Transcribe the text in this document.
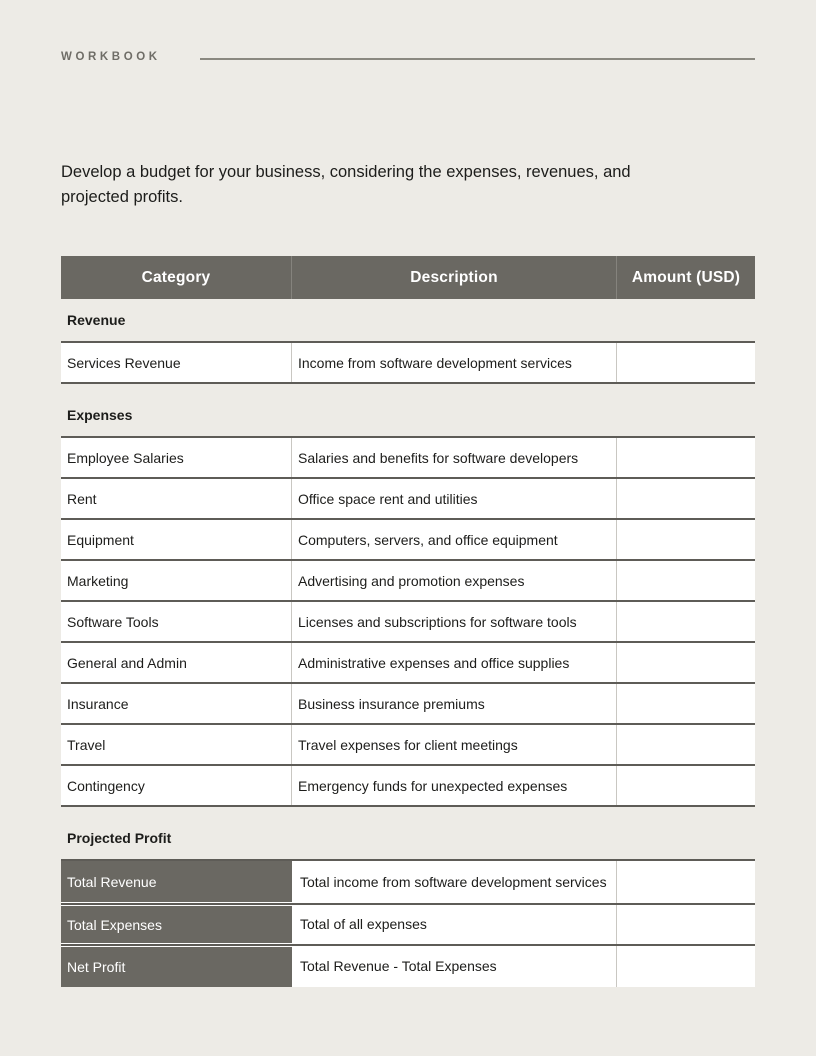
WORKBOOK
Develop a budget for your business, considering the expenses, revenues, and projected profits.
Category	Description	Amount (USD)
Revenue
Services Revenue	Income from software development services
Expenses
Employee Salaries	Salaries and benefits for software developers
Rent	Office space rent and utilities
Equipment	Computers, servers, and office equipment
Marketing	Advertising and promotion expenses
Software Tools	Licenses and subscriptions for software tools
General and Admin	Administrative expenses and office supplies
Insurance	Business insurance premiums
Travel	Travel expenses for client meetings
Contingency	Emergency funds for unexpected expenses
Projected Profit
Total Revenue	Total income from software development services
Total Expenses	Total of all expenses
Net Profit	Total Revenue - Total Expenses
